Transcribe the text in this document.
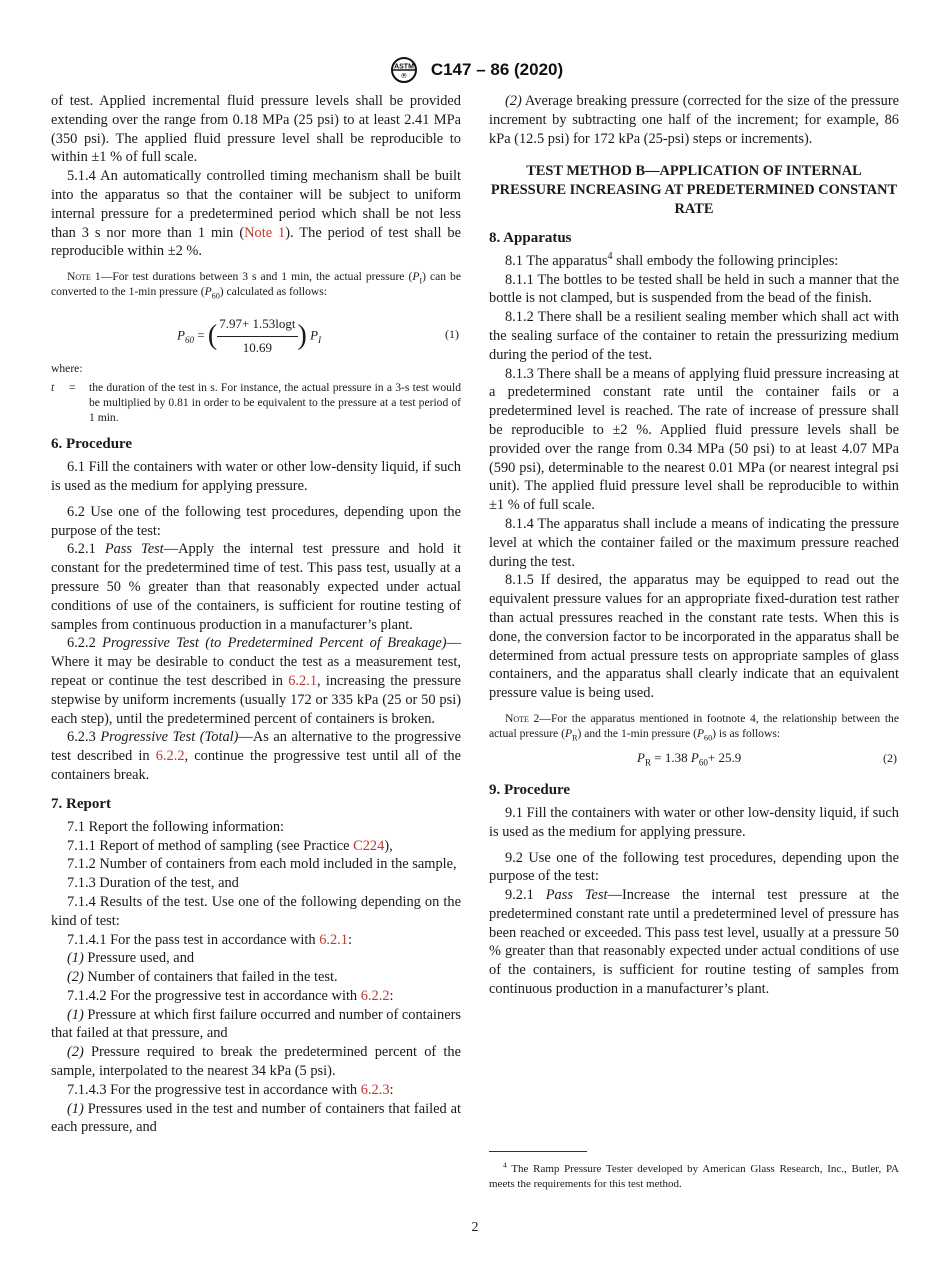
ASTM
℗ C147 – 86 (2020)

of test. Applied incremental fluid pressure levels shall be provided extending over the range from 0.18 MPa (25 psi) to at least 2.41 MPa (350 psi). The applied fluid pressure level shall be reproducible to within ±1 % of full scale.

5.1.4 An automatically controlled timing mechanism shall be built into the apparatus so that the container will be subject to uniform internal pressure for a predetermined period which shall be not less than 3 s nor more than 1 min (Note 1). The period of test shall be reproducible within ±2 %.

Note 1—For test durations between 3 s and 1 min, the actual pressure $(P_I)$ can be converted to the 1-min pressure $(P_{60})$ calculated as follows:

$P_{60}$ = ( $\frac{7.97+ 1.53\log t}{10.69}$ ) $P_I$	(1)

where:

t = the duration of the test in s. For instance, the actual pressure in a 3-s test would be multiplied by 0.81 in order to be equivalent to the pressure at a test period of 1 min.
6. Procedure

6.1 Fill the containers with water or other low-density liquid, if such is used as the medium for applying pressure.

6.2 Use one of the following test procedures, depending upon the purpose of the test:

6.2.1 Pass Test—Apply the internal test pressure and hold it constant for the predetermined time of test. This pass test, usually at a pressure 50 % greater than that reasonably expected under actual conditions of use of the containers, is sufficient for routine testing of samples from continuous production in a manufacturer’s plant.

6.2.2 Progressive Test (to Predetermined Percent of Breakage)—Where it may be desirable to conduct the test as a measurement test, repeat or continue the test described in 6.2.1, increasing the pressure stepwise by uniform increments (usually 172 or 335 kPa (25 or 50 psi) each step), until the predetermined percent of containers is broken.

6.2.3 Progressive Test (Total)—As an alternative to the progressive test described in 6.2.2, continue the progressive test until all of the containers break.

7. Report

7.1 Report the following information:

7.1.1 Report of method of sampling (see Practice C224),

7.1.2 Number of containers from each mold included in the sample,

7.1.3 Duration of the test, and

7.1.4 Results of the test. Use one of the following depending on the kind of test:

7.1.4.1 For the pass test in accordance with 6.2.1:

(1) Pressure used, and

(2) Number of containers that failed in the test.

7.1.4.2 For the progressive test in accordance with 6.2.2:

(1) Pressure at which first failure occurred and number of containers that failed at that pressure, and

(2) Pressure required to break the predetermined percent of the sample, interpolated to the nearest 34 kPa (5 psi).

7.1.4.3 For the progressive test in accordance with 6.2.3:

(1) Pressures used in the test and number of containers that failed at each pressure, and

(2) Average breaking pressure (corrected for the size of the pressure increment by subtracting one half of the increment; for example, 86 kPa (12.5 psi) for 172 kPa (25-psi) steps or increments).

TEST METHOD B—APPLICATION OF INTERNAL PRESSURE INCREASING AT PREDETERMINED CONSTANT RATE

8. Apparatus

8.1 The apparatus$^4$ shall embody the following principles:

8.1.1 The bottles to be tested shall be held in such a manner that the bottle is not clamped, but is suspended from the bead of the finish.

8.1.2 There shall be a resilient sealing member which shall act with the sealing surface of the container to retain the pressurizing medium during the period of the test.

8.1.3 There shall be a means of applying fluid pressure increasing at a predetermined constant rate until the container fails or a predetermined level is reached. The rate of increase of pressure shall be reproducible to ±2 %. Applied fluid pressure levels shall be provided over the range from 0.34 MPa (50 psi) to at least 4.07 MPa (590 psi), determinable to the nearest 0.01 MPa (or nearest integral psi unit). The applied fluid pressure level shall be reproducible to within ±1 % of full scale.

8.1.4 The apparatus shall include a means of indicating the pressure level at which the container failed or the maximum pressure reached during the test.

8.1.5 If desired, the apparatus may be equipped to read out the equivalent pressure values for an appropriate fixed-duration test rather than actual pressures reached in the constant rate tests. When this is done, the conversion factor to be incorporated in the apparatus shall be determined from actual pressure tests on appropriate samples of glass containers, and the apparatus shall clearly indicate that an equivalent pressure value is being used.

Note 2—For the apparatus mentioned in footnote 4, the relationship between the actual pressure $(P_R)$ and the 1-min pressure $(P_{60})$ is as follows:

$P_R = 1.38$ $P_{60}+ 25.9$	(2)
9. Procedure

9.1 Fill the containers with water or other low-density liquid, if such is used as the medium for applying pressure.

9.2 Use one of the following test procedures, depending upon the purpose of the test:

9.2.1 Pass Test—Increase the internal test pressure at the predetermined constant rate until a predetermined level of pressure has been reached or exceeded. This pass test level, usually at a pressure 50 % greater than that reasonably expected under actual conditions of use of the containers, is sufficient for routine testing of samples from continuous production in a manufacturer’s plant.

$^4$ The Ramp Pressure Tester developed by American Glass Research, Inc., Butler, PA meets the requirements for this test method.

2
